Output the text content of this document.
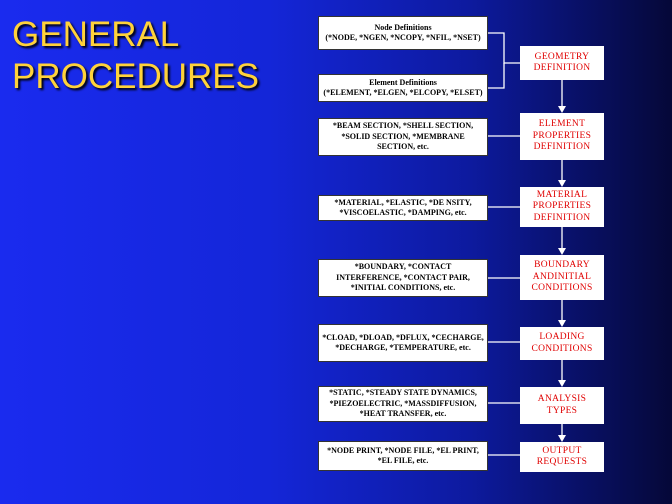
GENERAL
PROCEDURES
Node Definitions
(*NODE, *NGEN, *NCOPY, *NFIL, *NSET)
Element Definitions
(*ELEMENT, *ELGEN, *ELCOPY, *ELSET)
*BEAM SECTION, *SHELL SECTION, *SOLID SECTION, *MEMBRANE SECTION, etc.
*MATERIAL, *ELASTIC, *DE NSITY, *VISCOELASTIC, *DAMPING, etc.
*BOUNDARY, *CONTACT INTERFERENCE, *CONTACT PAIR, *INITIAL CONDITIONS, etc.
*CLOAD, *DLOAD, *DFLUX, *CECHARGE, *DECHARGE, *TEMPERATURE, etc.
*STATIC, *STEADY STATE DYNAMICS, *PIEZOELECTRIC, *MASSDIFFUSION, *HEAT TRANSFER, etc.
*NODE PRINT, *NODE FILE, *EL PRINT, *EL FILE, etc.
GEOMETRY
DEFINITION
ELEMENT
PROPERTIES
DEFINITION
MATERIAL
PROPERTIES
DEFINITION
BOUNDARY
ANDINITIAL
CONDITIONS
LOADING
CONDITIONS
ANALYSIS
TYPES
OUTPUT
REQUESTS
